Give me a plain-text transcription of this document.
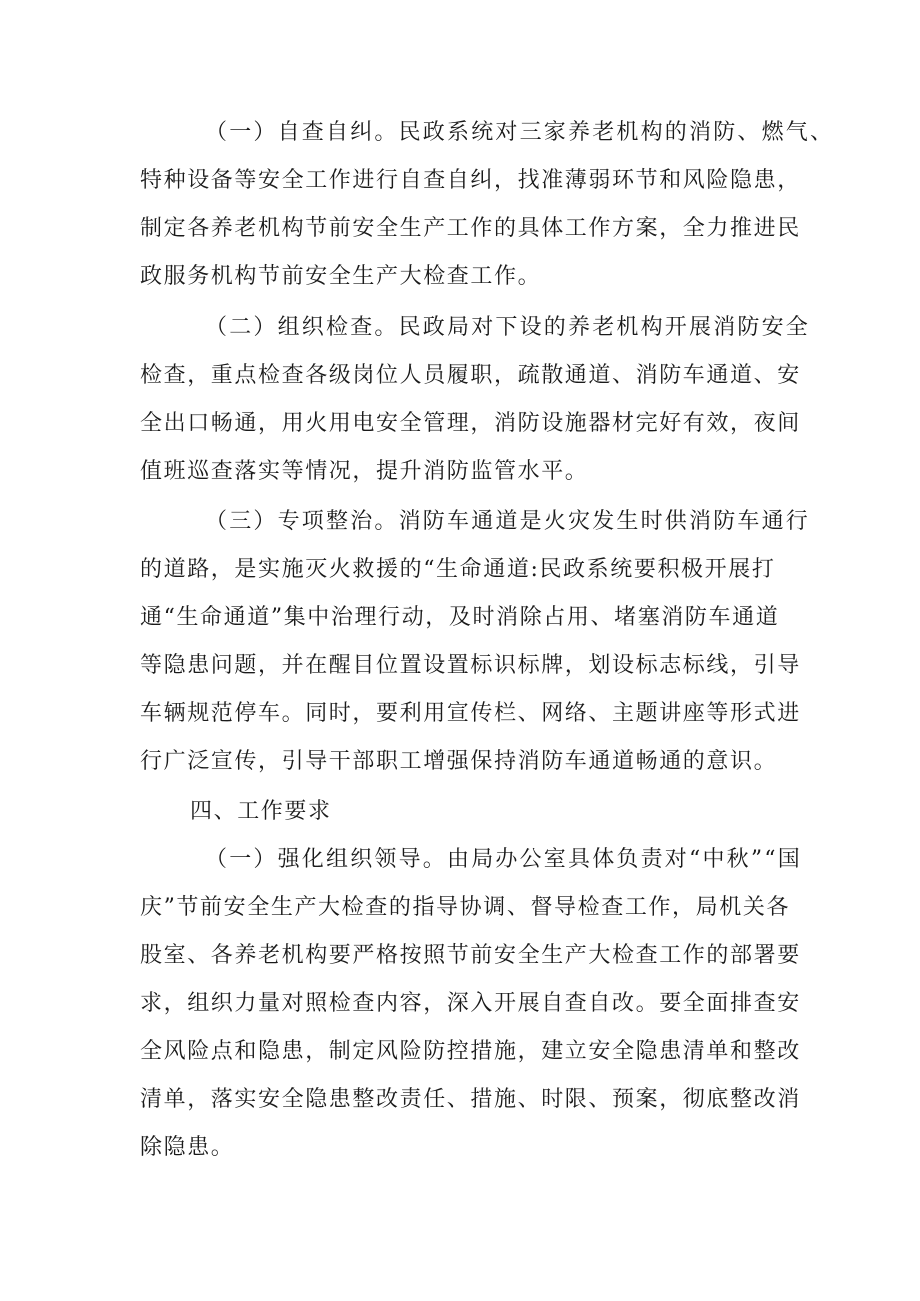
（一）自查自纠。民政系统对三家养老机构的消防、燃气、
特种设备等安全工作进行自查自纠，找准薄弱环节和风险隐患，
制定各养老机构节前安全生产工作的具体工作方案，全力推进民
政服务机构节前安全生产大检查工作。
（二）组织检查。民政局对下设的养老机构开展消防安全
检查，重点检查各级岗位人员履职，疏散通道、消防车通道、安
全出口畅通，用火用电安全管理，消防设施器材完好有效，夜间
值班巡查落实等情况，提升消防监管水平。
（三）专项整治。消防车通道是火灾发生时供消防车通行
的道路，是实施灭火救援的“生命通道:民政系统要积极开展打
通“生命通道”集中治理行动，及时消除占用、堵塞消防车通道
等隐患问题，并在醒目位置设置标识标牌，划设标志标线，引导
车辆规范停车。同时，要利用宣传栏、网络、主题讲座等形式进
行广泛宣传，引导干部职工增强保持消防车通道畅通的意识。
四、工作要求
（一）强化组织领导。由局办公室具体负责对“中秋”“国
庆”节前安全生产大检查的指导协调、督导检查工作，局机关各
股室、各养老机构要严格按照节前安全生产大检查工作的部署要
求，组织力量对照检查内容，深入开展自查自改。要全面排查安
全风险点和隐患，制定风险防控措施，建立安全隐患清单和整改
清单，落实安全隐患整改责任、措施、时限、预案，彻底整改消
除隐患。
